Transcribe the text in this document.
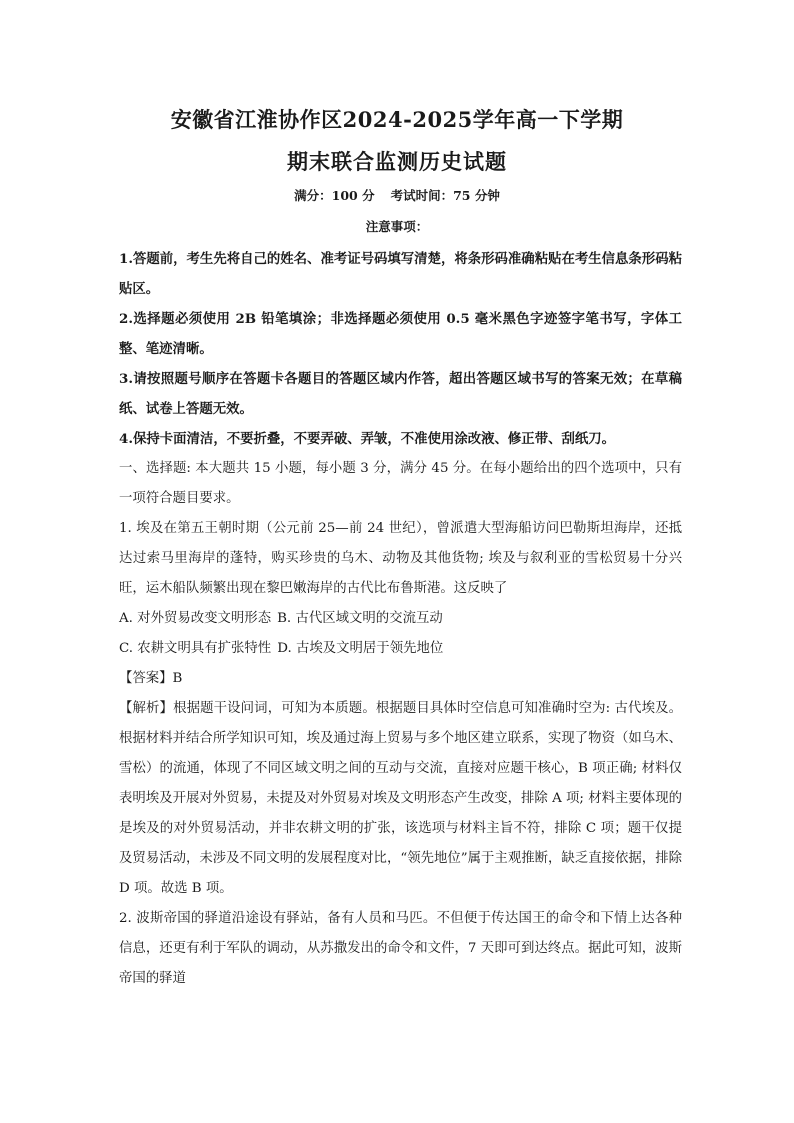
安徽省江淮协作区2024-2025学年高一下学期
期末联合监测历史试题
满分：100 分 考试时间：75 分钟
注意事项：

1.答题前，考生先将自己的姓名、准考证号码填写清楚，将条形码准确粘贴在考生信息条形码粘贴区。

2.选择题必须使用 2B 铅笔填涂；非选择题必须使用 0.5 毫米黑色字迹签字笔书写，字体工整、笔迹清晰。

3.请按照题号顺序在答题卡各题目的答题区域内作答，超出答题区域书写的答案无效；在草稿纸、试卷上答题无效。

4.保持卡面清洁，不要折叠，不要弄破、弄皱，不准使用涂改液、修正带、刮纸刀。

一、选择题: 本大题共 15 小题，每小题 3 分，满分 45 分。在每小题给出的四个选项中，只有一项符合题目要求。

1. 埃及在第五王朝时期（公元前 25—前 24 世纪），曾派遣大型海船访问巴勒斯坦海岸，还抵达过索马里海岸的蓬特，购买珍贵的乌木、动物及其他货物; 埃及与叙利亚的雪松贸易十分兴旺，运木船队频繁出现在黎巴嫩海岸的古代比布鲁斯港。这反映了

A. 对外贸易改变文明形态 B. 古代区域文明的交流互动

C. 农耕文明具有扩张特性 D. 古埃及文明居于领先地位

【答案】B

【解析】根据题干设问词，可知为本质题。根据题目具体时空信息可知准确时空为: 古代埃及。根据材料并结合所学知识可知，埃及通过海上贸易与多个地区建立联系，实现了物资（如乌木、雪松）的流通，体现了不同区域文明之间的互动与交流，直接对应题干核心，B 项正确; 材料仅表明埃及开展对外贸易，未提及对外贸易对埃及文明形态产生改变，排除 A 项; 材料主要体现的是埃及的对外贸易活动，并非农耕文明的扩张，该选项与材料主旨不符，排除 C 项；题干仅提及贸易活动，未涉及不同文明的发展程度对比，“领先地位”属于主观推断，缺乏直接依据，排除 D 项。故选 B 项。

2. 波斯帝国的驿道沿途设有驿站，备有人员和马匹。不但便于传达国王的命令和下情上达各种信息，还更有利于军队的调动，从苏撒发出的命令和文件，7 天即可到达终点。据此可知，波斯帝国的驿道
